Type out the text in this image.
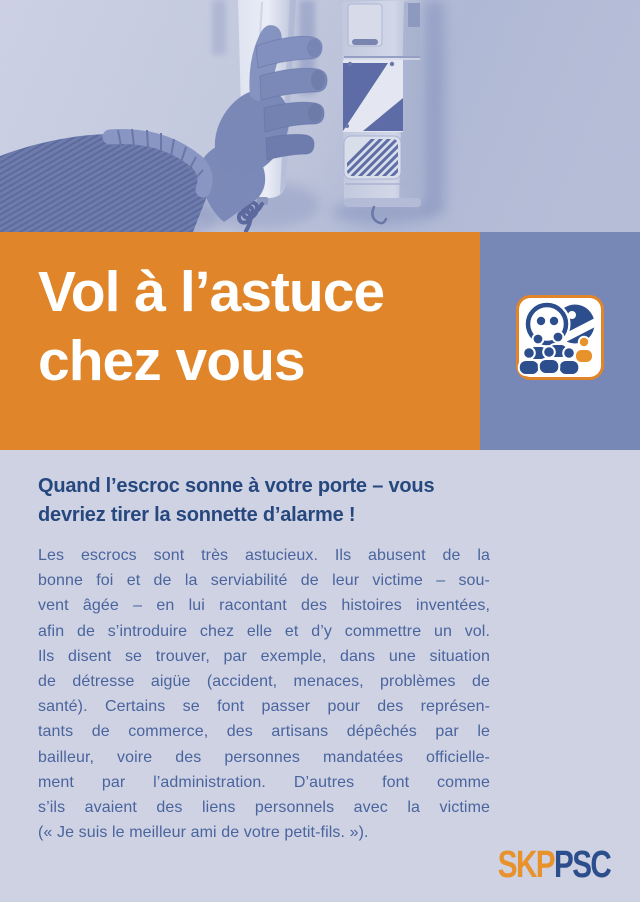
Vol à l’astuce
chez vous
Quand l’escroc sonne à votre porte – vous
devriez tirer la sonnette d’alarme !
Les escrocs sont très astucieux. Ils abusent de la
bonne foi et de la serviabilité de leur victime – sou-
vent âgée – en lui racontant des histoires inventées,
afin de s’introduire chez elle et d’y commettre un vol.
Ils disent se trouver, par exemple, dans une situation
de détresse aigüe (accident, menaces, problèmes de
santé). Certains se font passer pour des représen-
tants de commerce, des artisans dépêchés par le
bailleur, voire des personnes mandatées officielle-
ment par l’administration. D’autres font comme
s’ils avaient des liens personnels avec la victime
(« Je suis le meilleur ami de votre petit-fils. »).
SKPPSC
